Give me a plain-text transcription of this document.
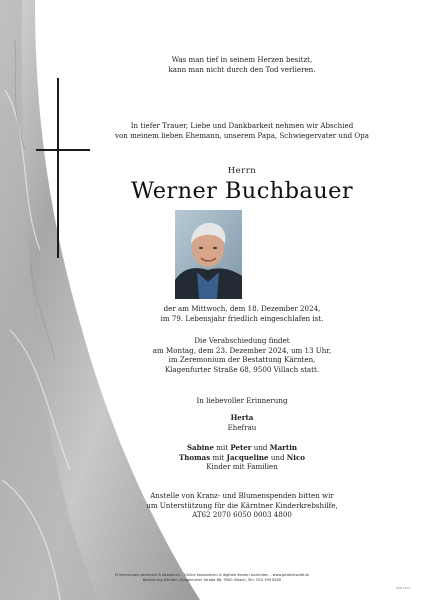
Was man tief in seinem Herzen besitzt,
kann man nicht durch den Tod verlieren.
In tiefer Trauer, Liebe und Dankbarkeit nehmen wir Abschied
von meinem lieben Ehemann, unserem Papa, Schwiegervater und Opa
Herrn
Werner Buchbauer
der am Mittwoch, dem 18. Dezember 2024,
im 79. Lebensjahr friedlich eingeschlafen ist.
Die Verabschiedung findet
am Montag, dem 23. Dezember 2024, um 13 Uhr,
im Zeremonium der Bestattung Kärnten,
Klagenfurter Straße 68, 9500 Villach statt.
In liebevoller Erinnerung
Herta
Ehefrau
Sabine mit Peter und Martin
Thomas mit Jacqueline und Nico
Kinder mit Familien
Anstelle von Kranz- und Blumenspenden bitten wir
um Unterstützung für die Kärntner Kinderkrebshilfe,
AT62 2070 6050 0003 4800
Erinnerungen sammeln & bewahren – Online kondolieren & digitale Kerzen anzünden – www.gedenkseite.at
Bestattung Kärnten, Klagenfurter Straße 68, 9500 Villach, Tel.: 050 199 6500
BVP 5120
